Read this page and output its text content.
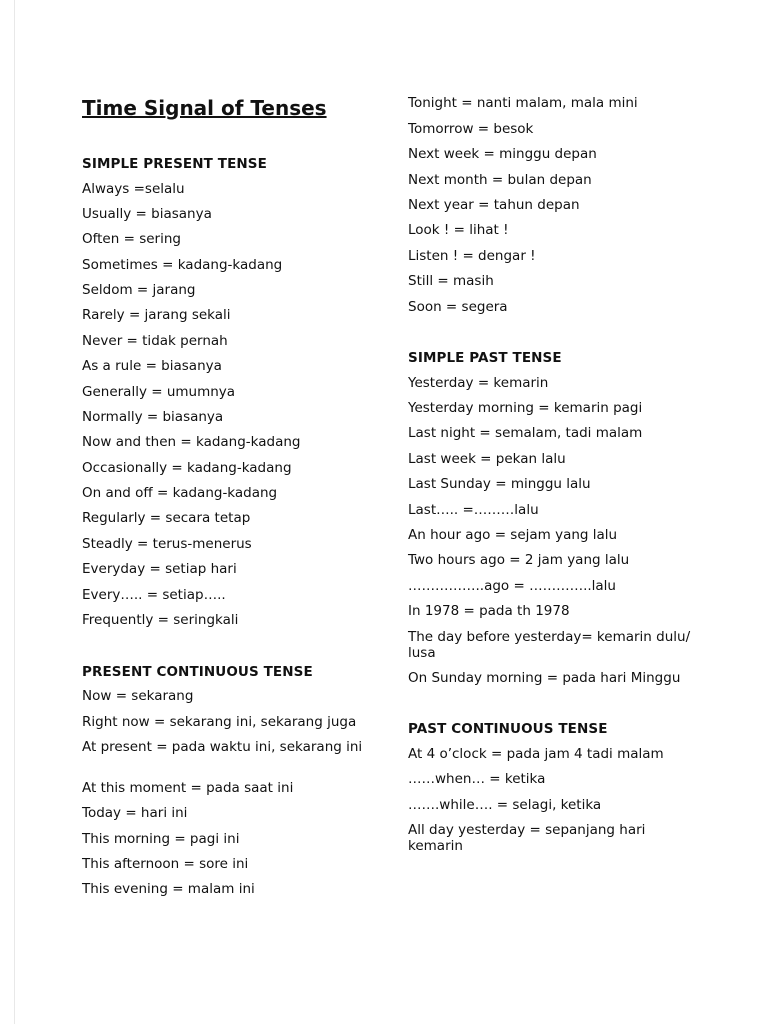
Time Signal of Tenses
SIMPLE PRESENT TENSE
Always =selalu
Usually = biasanya
Often = sering
Sometimes = kadang-kadang
Seldom = jarang
Rarely = jarang sekali
Never = tidak pernah
As a rule = biasanya
Generally = umumnya
Normally = biasanya
Now and then = kadang-kadang
Occasionally = kadang-kadang
On and off = kadang-kadang
Regularly = secara tetap
Steadly = terus-menerus
Everyday = setiap hari
Every….. = setiap…..
Frequently = seringkali
PRESENT CONTINUOUS TENSE
Now = sekarang
Right now = sekarang ini, sekarang juga
At present = pada waktu ini, sekarang ini
At this moment = pada saat ini
Today = hari ini
This morning = pagi ini
This afternoon = sore ini
This evening = malam ini
Tonight = nanti malam, mala mini
Tomorrow = besok
Next week = minggu depan
Next month = bulan depan
Next year = tahun depan
Look ! = lihat !
Listen ! = dengar !
Still = masih
Soon = segera
SIMPLE PAST TENSE
Yesterday = kemarin
Yesterday morning = kemarin pagi
Last night = semalam, tadi malam
Last week = pekan lalu
Last Sunday = minggu lalu
Last….. =………lalu
An hour ago = sejam yang lalu
Two hours ago = 2 jam yang lalu
……………..ago = …………..lalu
In 1978 = pada th 1978
The day before yesterday= kemarin dulu/ lusa
On Sunday morning = pada hari Minggu
PAST CONTINUOUS TENSE
At 4 o’clock = pada jam 4 tadi malam
……when… = ketika
…….while…. = selagi, ketika
All day yesterday = sepanjang hari kemarin
